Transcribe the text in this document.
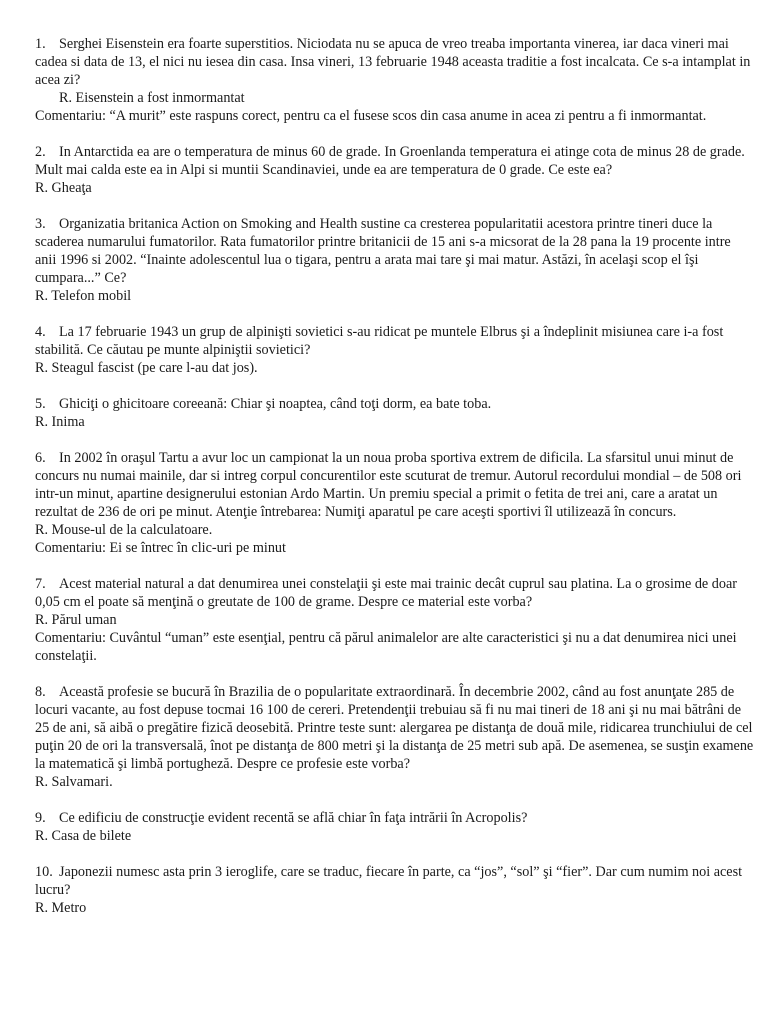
1. Serghei Eisenstein era foarte superstitios. Niciodata nu se apuca de vreo treaba importanta vinerea, iar daca vineri mai cadea si data de 13, el nici nu iesea din casa. Insa vineri, 13 februarie 1948 aceasta traditie a fost incalcata. Ce s-a intamplat in acea zi?

R. Eisenstein a fost inmormantat

Comentariu: “A murit” este raspuns corect, pentru ca el fusese scos din casa anume in acea zi pentru a fi inmormantat.

2. In Antarctida ea are o temperatura de minus 60 de grade. In Groenlanda temperatura ei atinge cota de minus 28 de grade. Mult mai calda este ea in Alpi si muntii Scandinaviei, unde ea are temperatura de 0 grade. Ce este ea?

R. Gheaţa

3. Organizatia britanica Action on Smoking and Health sustine ca cresterea popularitatii acestora printre tineri duce la scaderea numarului fumatorilor. Rata fumatorilor printre britanicii de 15 ani s-a micsorat de la 28 pana la 19 procente intre anii 1996 si 2002. “Inainte adolescentul lua o tigara, pentru a arata mai tare şi mai matur. Astăzi, în acelaşi scop el îşi cumpara...” Ce?

R. Telefon mobil

4. La 17 februarie 1943 un grup de alpinişti sovietici s-au ridicat pe muntele Elbrus şi a îndeplinit misiunea care i-a fost stabilită. Ce căutau pe munte alpiniştii sovietici?

R. Steagul fascist (pe care l-au dat jos).

5. Ghiciţi o ghicitoare coreeană: Chiar şi noaptea, când toţi dorm, ea bate toba.

R. Inima

6. In 2002 în oraşul Tartu a avur loc un campionat la un noua proba sportiva extrem de dificila. La sfarsitul unui minut de concurs nu numai mainile, dar si intreg corpul concurentilor este scuturat de tremur. Autorul recordului mondial – de 508 ori intr-un minut, apartine designerului estonian Ardo Martin. Un premiu special a primit o fetita de trei ani, care a aratat un rezultat de 236 de ori pe minut. Atenţie întrebarea: Numiţi aparatul pe care aceşti sportivi îl utilizează în concurs.

R. Mouse-ul de la calculatoare.

Comentariu: Ei se întrec în clic-uri pe minut

7. Acest material natural a dat denumirea unei constelaţii şi este mai trainic decât cuprul sau platina. La o grosime de doar 0,05 cm el poate să menţină o greutate de 100 de grame. Despre ce material este vorba?

R. Părul uman

Comentariu: Cuvântul “uman” este esenţial, pentru că părul animalelor are alte caracteristici şi nu a dat denumirea nici unei constelaţii.

8. Această profesie se bucură în Brazilia de o popularitate extraordinară. În decembrie 2002, când au fost anunţate 285 de locuri vacante, au fost depuse tocmai 16 100 de cereri. Pretendenţii trebuiau să fi nu mai tineri de 18 ani şi nu mai bătrâni de 25 de ani, să aibă o pregătire fizică deosebită. Printre teste sunt: alergarea pe distanţa de două mile, ridicarea trunchiului de cel puţin 20 de ori la transversală, înot pe distanţa de 800 metri şi la distanţa de 25 metri sub apă. De asemenea, se susţin examene la matematică şi limbă portugheză. Despre ce profesie este vorba?

R. Salvamari.

9. Ce edificiu de construcţie evident recentă se află chiar în faţa intrării în Acropolis?

R. Casa de bilete

10. Japonezii numesc asta prin 3 ieroglife, care se traduc, fiecare în parte, ca “jos”, “sol” şi “fier”. Dar cum numim noi acest lucru?

R. Metro
